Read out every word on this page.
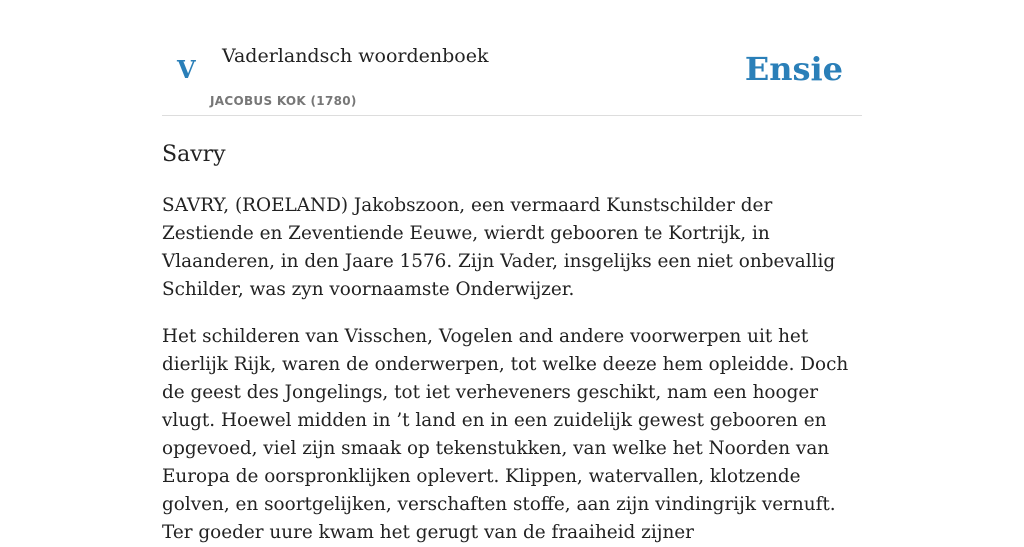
V Vaderlandsch woordenboek
JACOBUS KOK (1780)
Ensie
Savry

SAVRY, (ROELAND) Jakobszoon, een vermaard Kunstschilder der Zestiende en Zeventiende Eeuwe, wierdt gebooren te Kortrijk, in Vlaanderen, in den Jaare 1576. Zijn Vader, insgelijks een niet onbevallig Schilder, was zyn voornaamste Onderwijzer.

Het schilderen van Visschen, Vogelen and andere voorwerpen uit het dierlijk Rijk, waren de onderwerpen, tot welke deeze hem opleidde. Doch de geest des Jongelings, tot iet verheveners geschikt, nam een hooger vlugt. Hoewel midden in ’t land en in een zuidelijk gewest gebooren en opgevoed, viel zijn smaak op tekenstukken, van welke het Noorden van Europa de oorspronklijken oplevert. Klippen, watervallen, klotzende golven, en soortgelijken, verschaften stoffe, aan zijn vindingrijk vernuft. Ter goeder uure kwam het gerugt van de fraaiheid zijner
